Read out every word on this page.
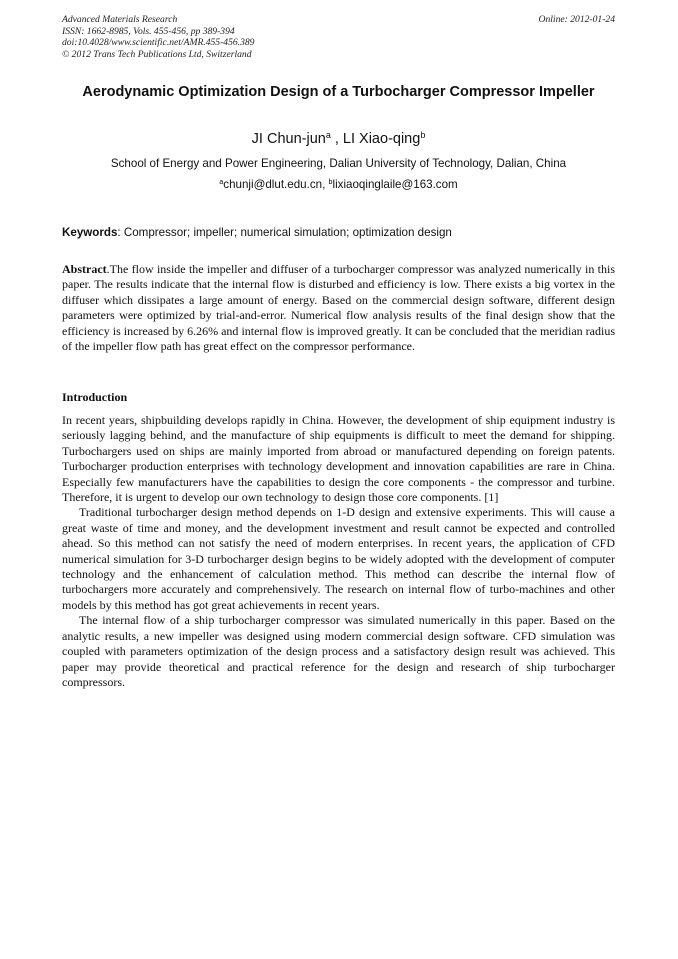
Advanced Materials Research
ISSN: 1662-8985, Vols. 455-456, pp 389-394
doi:10.4028/www.scientific.net/AMR.455-456.389
© 2012 Trans Tech Publications Ltd, Switzerland
Online: 2012-01-24
Aerodynamic Optimization Design of a Turbocharger Compressor Impeller
JI Chun-jun$^a$ , LI Xiao-qing$^b$
School of Energy and Power Engineering, Dalian University of Technology, Dalian, China
$^a$chunji@dlut.edu.cn, $^b$lixiaoqinglaile@163.com
Keywords: Compressor; impeller; numerical simulation; optimization design
Abstract.The flow inside the impeller and diffuser of a turbocharger compressor was analyzed numerically in this paper. The results indicate that the internal flow is disturbed and efficiency is low. There exists a big vortex in the diffuser which dissipates a large amount of energy. Based on the commercial design software, different design parameters were optimized by trial-and-error. Numerical flow analysis results of the final design show that the efficiency is increased by 6.26% and internal flow is improved greatly. It can be concluded that the meridian radius of the impeller flow path has great effect on the compressor performance.
Introduction

In recent years, shipbuilding develops rapidly in China. However, the development of ship equipment industry is seriously lagging behind, and the manufacture of ship equipments is difficult to meet the demand for shipping. Turbochargers used on ships are mainly imported from abroad or manufactured depending on foreign patents. Turbocharger production enterprises with technology development and innovation capabilities are rare in China. Especially few manufacturers have the capabilities to design the core components - the compressor and turbine. Therefore, it is urgent to develop our own technology to design those core components. [1]

Traditional turbocharger design method depends on 1-D design and extensive experiments. This will cause a great waste of time and money, and the development investment and result cannot be expected and controlled ahead. So this method can not satisfy the need of modern enterprises. In recent years, the application of CFD numerical simulation for 3-D turbocharger design begins to be widely adopted with the development of computer technology and the enhancement of calculation method. This method can describe the internal flow of turbochargers more accurately and comprehensively. The research on internal flow of turbo-machines and other models by this method has got great achievements in recent years.

The internal flow of a ship turbocharger compressor was simulated numerically in this paper. Based on the analytic results, a new impeller was designed using modern commercial design software. CFD simulation was coupled with parameters optimization of the design process and a satisfactory design result was achieved. This paper may provide theoretical and practical reference for the design and research of ship turbocharger compressors.
